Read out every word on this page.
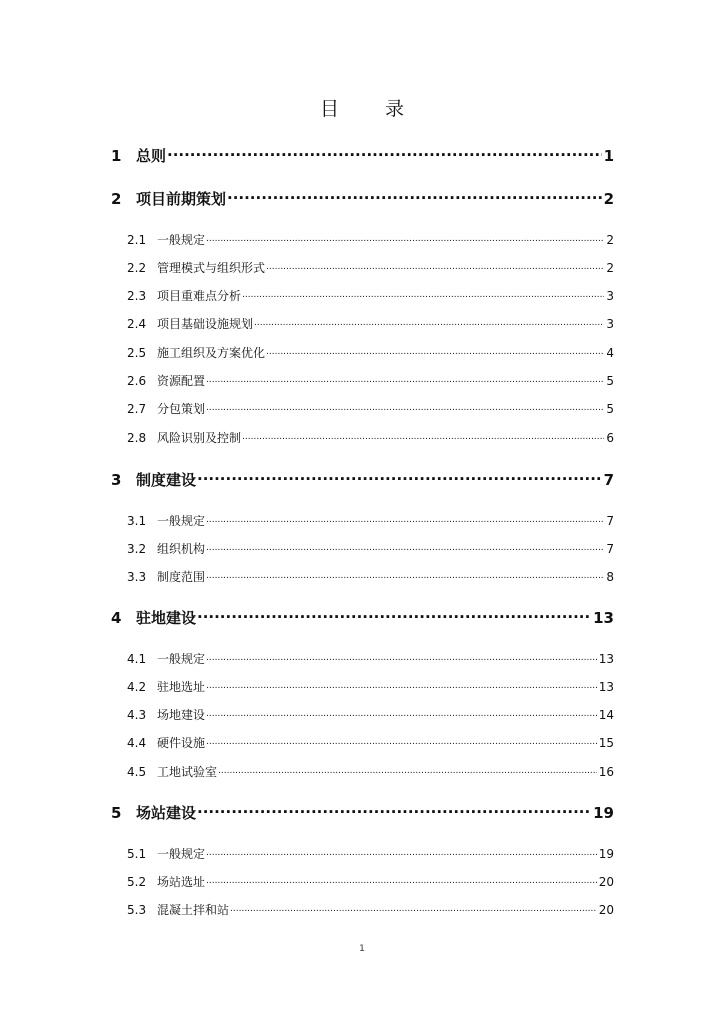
目 录
1 总则 .....	1
2 项目前期策划 .....	2
2.1 一般规定 .....	2
2.2 管理模式与组织形式 .....	2
2.3 项目重难点分析 .....	3
2.4 项目基础设施规划 .....	3
2.5 施工组织及方案优化 .....	4
2.6 资源配置 .....	5
2.7 分包策划 .....	5
2.8 风险识别及控制 .....	6
3 制度建设 .....	7
3.1 一般规定 .....	7
3.2 组织机构 .....	7
3.3 制度范围 .....	8
4 驻地建设 .....	13
4.1 一般规定 .....	13
4.2 驻地选址 .....	13
4.3 场地建设 .....	14
4.4 硬件设施 .....	15
4.5 工地试验室 .....	16
5 场站建设 .....	19
5.1 一般规定 .....	19
5.2 场站选址 .....	20
5.3 混凝土拌和站 .....	20
1
